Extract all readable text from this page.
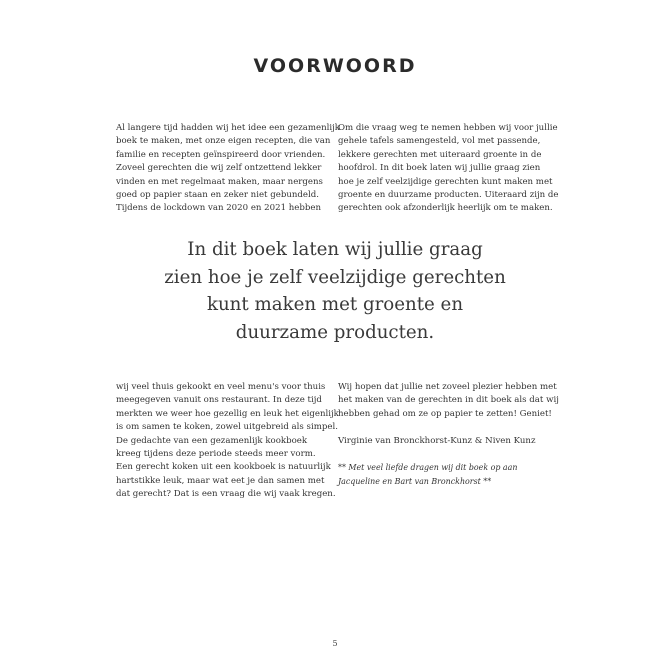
VOORWOORD
Al langere tijd hadden wij het idee een gezamenlijk
boek te maken, met onze eigen recepten, die van
familie en recepten geïnspireerd door vrienden.
Zoveel gerechten die wij zelf ontzettend lekker
vinden en met regelmaat maken, maar nergens
goed op papier staan en zeker niet gebundeld.
Tijdens de lockdown van 2020 en 2021 hebben
Om die vraag weg te nemen hebben wij voor jullie
gehele tafels samengesteld, vol met passende,
lekkere gerechten met uiteraard groente in de
hoofdrol. In dit boek laten wij jullie graag zien
hoe je zelf veelzijdige gerechten kunt maken met
groente en duurzame producten. Uiteraard zijn de
gerechten ook afzonderlijk heerlijk om te maken.
In dit boek laten wij jullie graag
zien hoe je zelf veelzijdige gerechten
kunt maken met groente en
duurzame producten.
wij veel thuis gekookt en veel menu's voor thuis
meegegeven vanuit ons restaurant. In deze tijd
merkten we weer hoe gezellig en leuk het eigenlijk
is om samen te koken, zowel uitgebreid als simpel.
De gedachte van een gezamenlijk kookboek
kreeg tijdens deze periode steeds meer vorm.
Een gerecht koken uit een kookboek is natuurlijk
hartstikke leuk, maar wat eet je dan samen met
dat gerecht? Dat is een vraag die wij vaak kregen.
Wij hopen dat jullie net zoveel plezier hebben met
het maken van de gerechten in dit boek als dat wij
hebben gehad om ze op papier te zetten! Geniet!
Virginie van Bronckhorst-Kunz & Niven Kunz
** Met veel liefde dragen wij dit boek op aan
Jacqueline en Bart van Bronckhorst **
5
